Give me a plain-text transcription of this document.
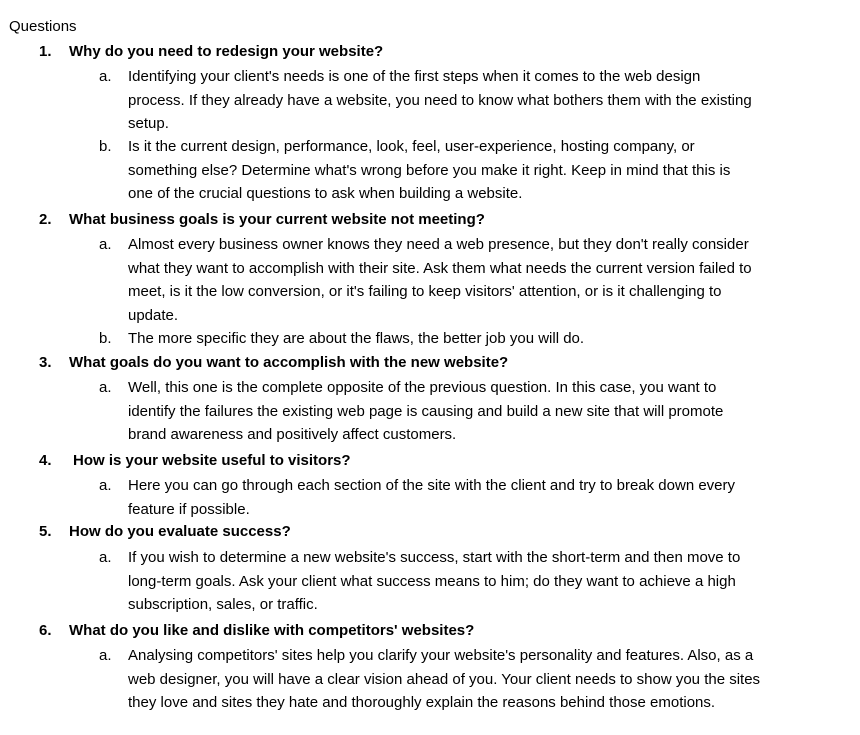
Questions
1. Why do you need to redesign your website?
a.	Identifying your client's needs is one of the first steps when it comes to the web design process. If they already have a website, you need to know what bothers them with the existing setup.
b.	Is it the current design, performance, look, feel, user-experience, hosting company, or something else? Determine what's wrong before you make it right. Keep in mind that this is one of the crucial questions to ask when building a website.
2. What business goals is your current website not meeting?
a.	Almost every business owner knows they need a web presence, but they don't really consider what they want to accomplish with their site. Ask them what needs the current version failed to meet, is it the low conversion, or it's failing to keep visitors' attention, or is it challenging to update.
b.	The more specific they are about the flaws, the better job you will do.
3. What goals do you want to accomplish with the new website?
a.	Well, this one is the complete opposite of the previous question. In this case, you want to identify the failures the existing web page is causing and build a new site that will promote brand awareness and positively affect customers.
4. How is your website useful to visitors?
a.	Here you can go through each section of the site with the client and try to break down every feature if possible.
5. How do you evaluate success?
a.	If you wish to determine a new website's success, start with the short-term and then move to long-term goals. Ask your client what success means to him; do they want to achieve a high subscription, sales, or traffic.
6. What do you like and dislike with competitors' websites?
a.	Analysing competitors' sites help you clarify your website's personality and features. Also, as a web designer, you will have a clear vision ahead of you. Your client needs to show you the sites they love and sites they hate and thoroughly explain the reasons behind those emotions.
